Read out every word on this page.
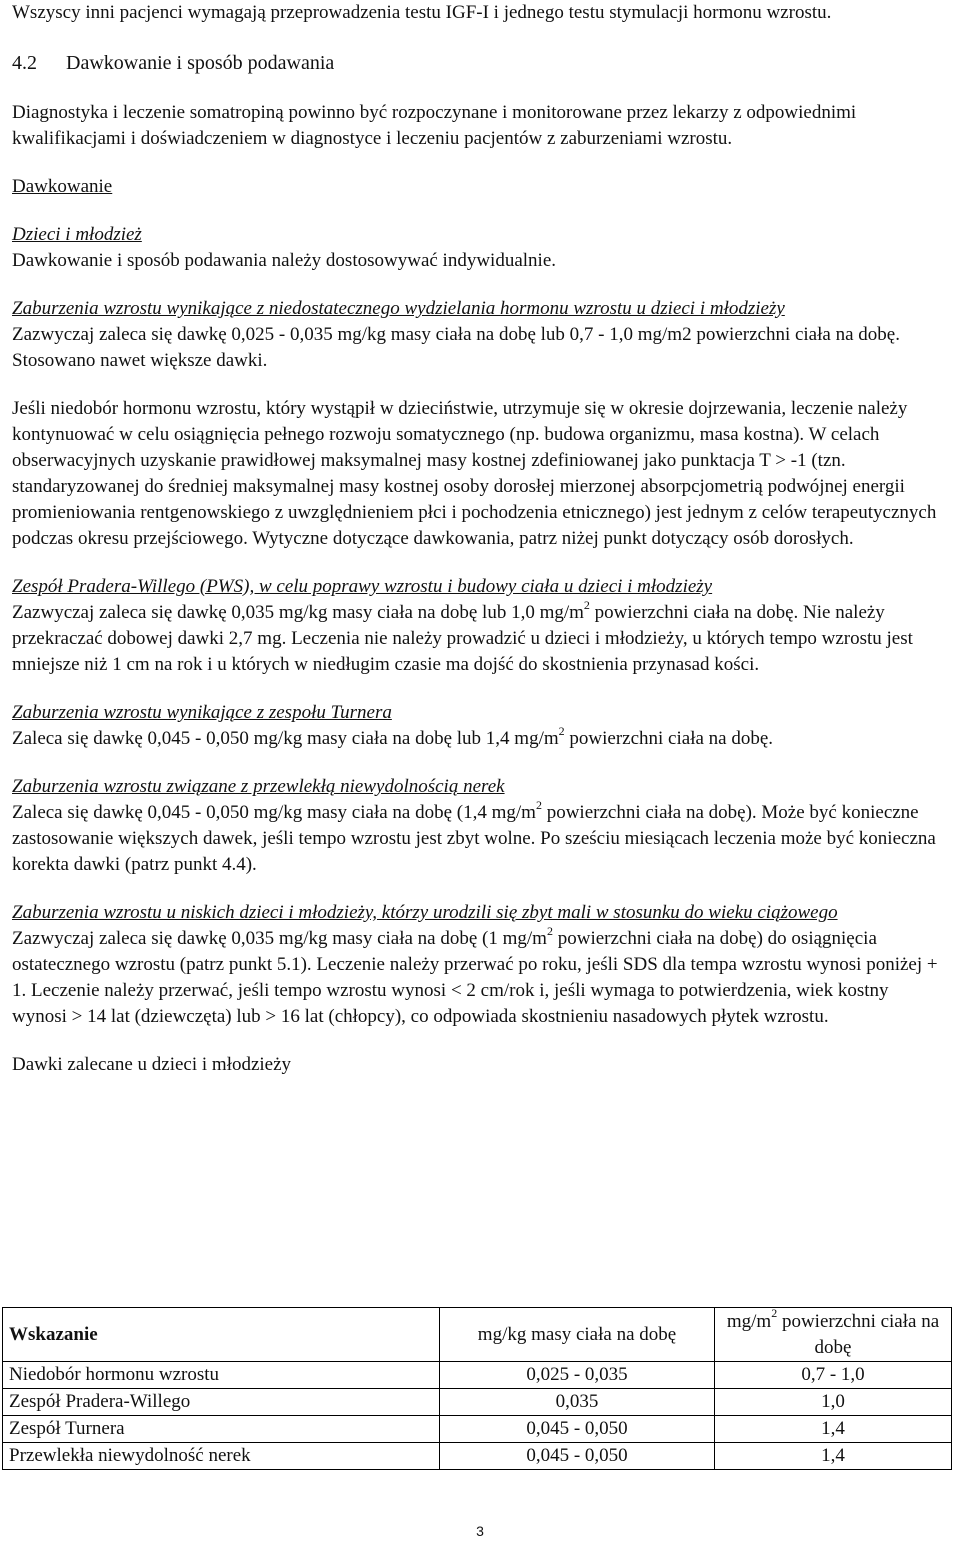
Wszyscy inni pacjenci wymagają przeprowadzenia testu IGF-I i jednego testu stymulacji hormonu wzrostu.

4.2 Dawkowanie i sposób podawania

Diagnostyka i leczenie somatropiną powinno być rozpoczynane i monitorowane przez lekarzy z odpowiednimi kwalifikacjami i doświadczeniem w diagnostyce i leczeniu pacjentów z zaburzeniami wzrostu.

Dawkowanie

Dzieci i młodzież

Dawkowanie i sposób podawania należy dostosowywać indywidualnie.

Zaburzenia wzrostu wynikające z niedostatecznego wydzielania hormonu wzrostu u dzieci i młodzieży

Zazwyczaj zaleca się dawkę 0,025 - 0,035 mg/kg masy ciała na dobę lub 0,7 - 1,0 mg/m2 powierzchni ciała na dobę. Stosowano nawet większe dawki.

Jeśli niedobór hormonu wzrostu, który wystąpił w dzieciństwie, utrzymuje się w okresie dojrzewania, leczenie należy kontynuować w celu osiągnięcia pełnego rozwoju somatycznego (np. budowa organizmu, masa kostna). W celach obserwacyjnych uzyskanie prawidłowej maksymalnej masy kostnej zdefiniowanej jako punktacja T > -1 (tzn. standaryzowanej do średniej maksymalnej masy kostnej osoby dorosłej mierzonej absorpcjometrią podwójnej energii promieniowania rentgenowskiego z uwzględnieniem płci i pochodzenia etnicznego) jest jednym z celów terapeutycznych podczas okresu przejściowego. Wytyczne dotyczące dawkowania, patrz niżej punkt dotyczący osób dorosłych.

Zespół Pradera-Willego (PWS), w celu poprawy wzrostu i budowy ciała u dzieci i młodzieży

Zazwyczaj zaleca się dawkę 0,035 mg/kg masy ciała na dobę lub 1,0 $mg/m^2$ powierzchni ciała na dobę. Nie należy przekraczać dobowej dawki 2,7 mg. Leczenia nie należy prowadzić u dzieci i młodzieży, u których tempo wzrostu jest mniejsze niż 1 cm na rok i u których w niedługim czasie ma dojść do skostnienia przynasad kości.

Zaburzenia wzrostu wynikające z zespołu Turnera

Zaleca się dawkę 0,045 - 0,050 mg/kg masy ciała na dobę lub 1,4 $mg/m^2$ powierzchni ciała na dobę.

Zaburzenia wzrostu związane z przewlekłą niewydolnością nerek

Zaleca się dawkę 0,045 - 0,050 mg/kg masy ciała na dobę (1,4 $mg/m^2$ powierzchni ciała na dobę). Może być konieczne zastosowanie większych dawek, jeśli tempo wzrostu jest zbyt wolne. Po sześciu miesiącach leczenia może być konieczna korekta dawki (patrz punkt 4.4).

Zaburzenia wzrostu u niskich dzieci i młodzieży, którzy urodzili się zbyt mali w stosunku do wieku ciążowego

Zazwyczaj zaleca się dawkę 0,035 mg/kg masy ciała na dobę (1 $mg/m^2$ powierzchni ciała na dobę) do osiągnięcia ostatecznego wzrostu (patrz punkt 5.1). Leczenie należy przerwać po roku, jeśli SDS dla tempa wzrostu wynosi poniżej + 1. Leczenie należy przerwać, jeśli tempo wzrostu wynosi < 2 cm/rok i, jeśli wymaga to potwierdzenia, wiek kostny wynosi > 14 lat (dziewczęta) lub > 16 lat (chłopcy), co odpowiada skostnieniu nasadowych płytek wzrostu.

Dawki zalecane u dzieci i młodzieży

Wskazanie	mg/kg masy ciała na dobę	$mg/m^2$ powierzchni ciała na dobę
Niedobór hormonu wzrostu	0,025 - 0,035	0,7 - 1,0
Zespół Pradera-Willego	0,035	1,0
Zespół Turnera	0,045 - 0,050	1,4
Przewlekła niewydolność nerek	0,045 - 0,050	1,4
3
